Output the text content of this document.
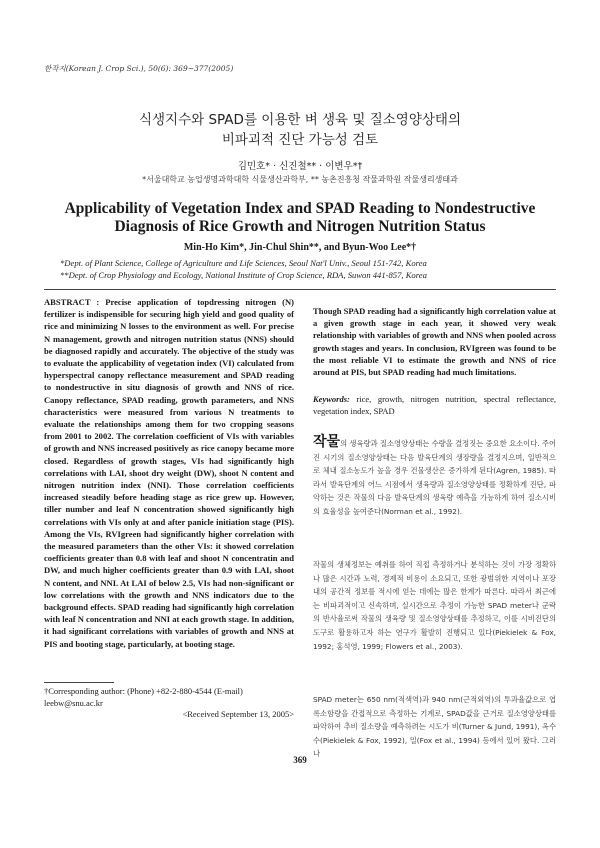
한작지(Korean J. Crop Sci.), 50(6): 369~377(2005)
식생지수와 SPAD를 이용한 벼 생육 및 질소영양상태의
비파괴적 진단 가능성 검토
김민호* · 신진철** · 이변우*†
*서울대학교 농업생명과학대학 식물생산과학부, ** 농촌진흥청 작물과학원 작물생리생태과
Applicability of Vegetation Index and SPAD Reading to Nondestructive
Diagnosis of Rice Growth and Nitrogen Nutrition Status
Min-Ho Kim*, Jin-Chul Shin**, and Byun-Woo Lee*†
*Dept. of Plant Science, College of Agriculture and Life Sciences, Seoul Nat'l Univ., Seoul 151-742, Korea
**Dept. of Crop Physiology and Ecology, National Institute of Crop Science, RDA, Suwon 441-857, Korea
ABSTRACT : Precise application of topdressing nitrogen (N) fertilizer is indispensible for securing high yield and good quality of rice and minimizing N losses to the environment as well. For precise N management, growth and nitrogen nutrition status (NNS) should be diagnosed rapidly and accurately. The objective of the study was to evaluate the applicability of vegetation index (VI) calculated from hyperspectral canopy reflectance measurement and SPAD reading to nondestructive in situ diagnosis of growth and NNS of rice. Canopy reflectance, SPAD reading, growth parameters, and NNS characteristics were measured from various N treatments to evaluate the relationships among them for two cropping seasons from 2001 to 2002. The correlation coefficient of VIs with variables of growth and NNS increased positively as rice canopy became more closed. Regardless of growth stages, VIs had significantly high correlations with LAI, shoot dry weight (DW), shoot N content and nitrogen nutrition index (NNI). Those correlation coefficients increased steadily before heading stage as rice grew up. However, tiller number and leaf N concentration showed significantly high correlations with VIs only at and after panicle initiation stage (PIS). Among the VIs, RVIgreen had significantly higher correlation with the measured parameters than the other VIs: it showed correlation coefficients greater than 0.8 with leaf and shoot N concentratin and DW, and much higher coefficients greater than 0.9 with LAI, shoot N content, and NNI. At LAI of below 2.5, VIs had non-significant or low correlations with the growth and NNS indicators due to the background effects. SPAD reading had significantly high correlation with leaf N concentration and NNI at each growth stage. In addition, it had significant correlations with variables of growth and NNS at PIS and booting stage, particularly, at booting stage.
Though SPAD reading had a significantly high correlation value at a given growth stage in each year, it showed very weak relationship with variables of growth and NNS when pooled across growth stages and years. In conclusion, RVIgreen was found to be the most reliable VI to estimate the growth and NNS of rice around at PIS, but SPAD reading had much limitations.
Keywords: rice, growth, nitrogen nutrition, spectral reflectance, vegetation index, SPAD
작물의 생육량과 질소영양상태는 수량을 결정짓는 중요한 요소이다. 주어진 시기의 질소영양상태는 다음 발육단계의 생장량을 결정지으며, 일반적으로 체내 질소농도가 높을 경우 건물생산은 증가하게 된다(Agren, 1985). 따라서 발육단계의 어느 시점에서 생육량과 질소영양상태를 정확하게 진단, 파악하는 것은 작물의 다음 발육단계의 생육량 예측을 가능하게 하여 질소시비의 효율성을 높여준다(Norman et al., 1992).
작물의 생체정보는 예취를 하여 직접 측정하거나 분석하는 것이 가장 정확하나 많은 시간과 노력, 경제적 비용이 소요되고, 또한 광범위한 지역이나 포장내의 공간적 정보를 적시에 얻는 데에는 많은 한계가 따른다. 따라서 최근에는 비파괴적이고 신속하며, 실시간으로 추정이 가능한 SPAD meter나 군락의 반사율로써 작물의 생육량 및 질소영양상태를 추정하고, 이를 시비진단의 도구로 활용하고자 하는 연구가 활발히 진행되고 있다(Piekielek & Fox, 1992; 홍석영, 1999; Flowers et al., 2003).
SPAD meter는 650 nm(적색역)과 940 nm(근적외역)의 투과율값으로 엽록소함량을 간접적으로 측정하는 기계로, SPAD값을 근거로 질소영양상태를 파악하여 추비 질소량을 예측하려는 시도가 비(Turner & Jund, 1991), 옥수수(Piekielek & Fox, 1992), 밀(Fox et al., 1994) 등에서 있어 왔다. 그러나
†Corresponding author: (Phone) +82-2-880-4544 (E-mail) leebw@snu.ac.kr
<Received September 13, 2005>
369
